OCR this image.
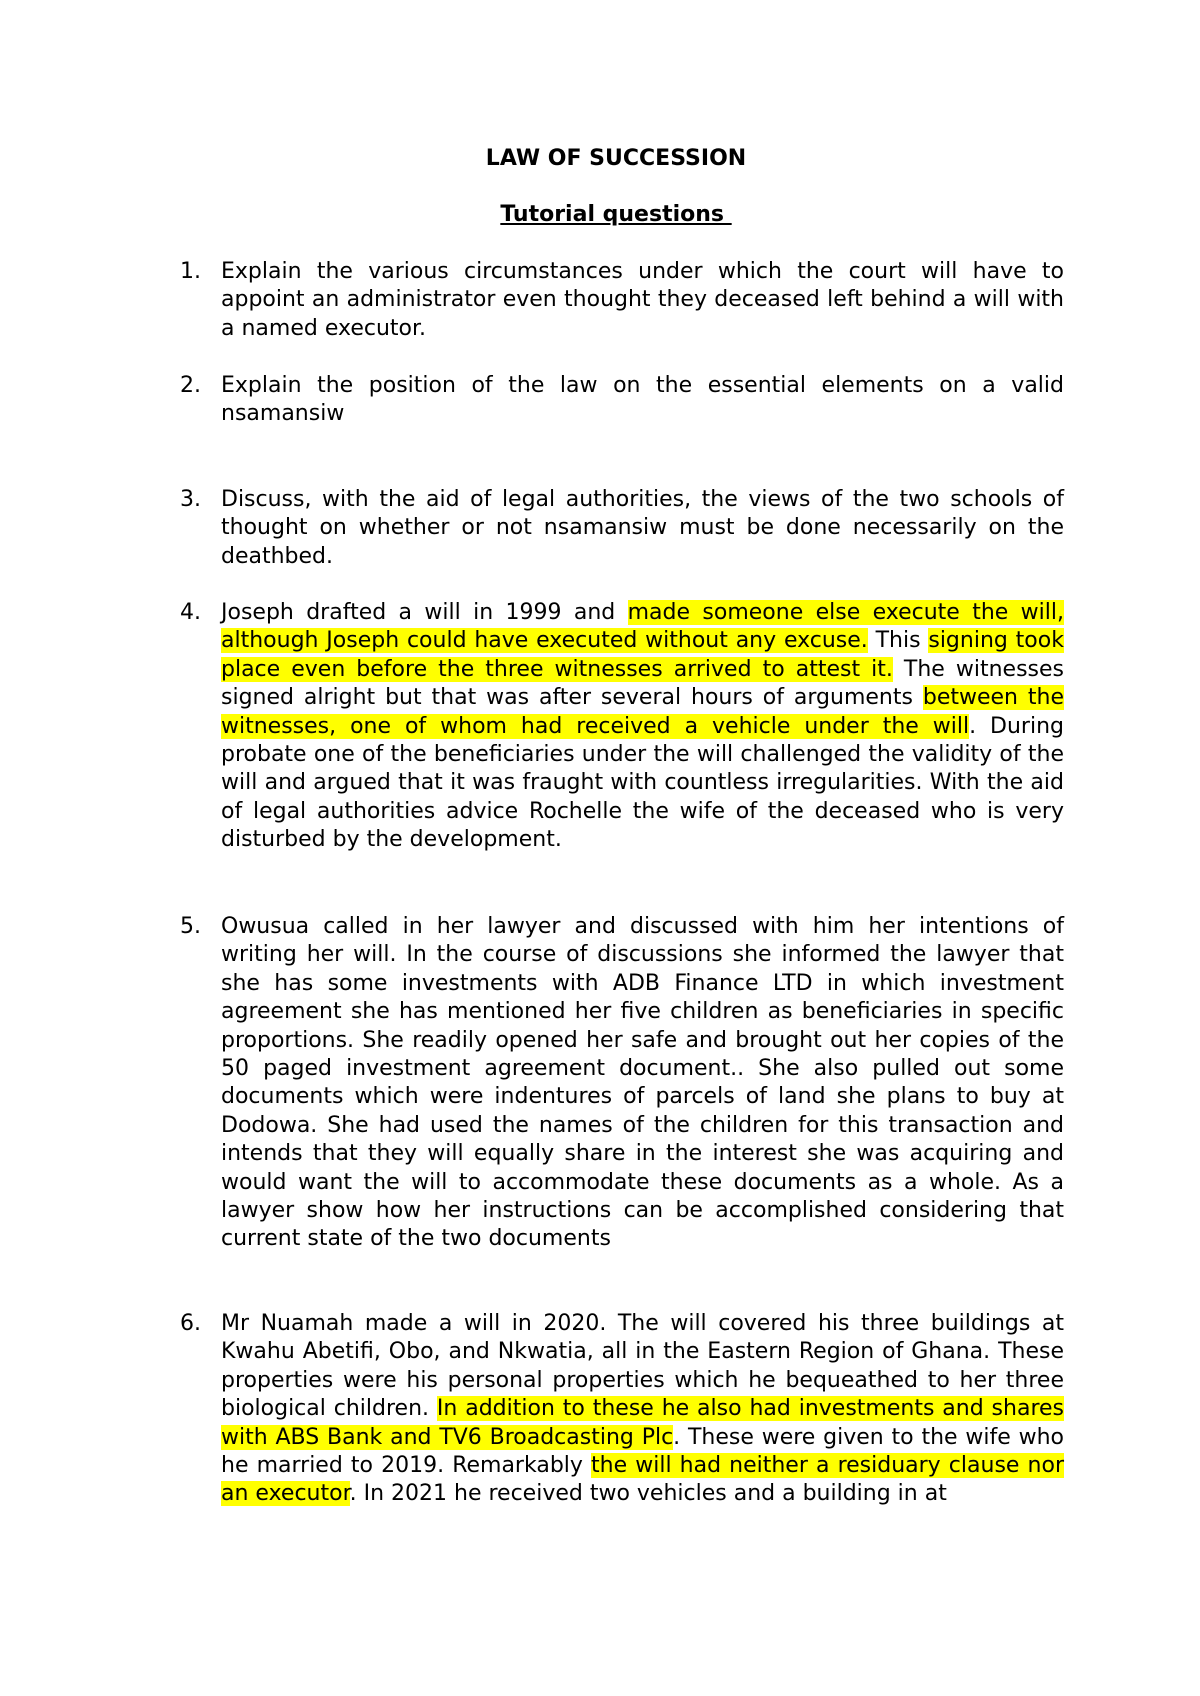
LAW OF SUCCESSION
Tutorial questions
1. Explain the various circumstances under which the court will have to appoint an administrator even thought they deceased left behind a will with a named executor.

2. Explain the position of the law on the essential elements on a valid nsamansiw

3. Discuss, with the aid of legal authorities, the views of the two schools of thought on whether or not nsamansiw must be done necessarily on the deathbed.

4. Joseph drafted a will in 1999 and made someone else execute the will, although Joseph could have executed without any excuse. This signing took place even before the three witnesses arrived to attest it. The witnesses signed alright but that was after several hours of arguments between the witnesses, one of whom had received a vehicle under the will. During probate one of the beneficiaries under the will challenged the validity of the will and argued that it was fraught with countless irregularities. With the aid of legal authorities advice Rochelle the wife of the deceased who is very disturbed by the development.

5. Owusua called in her lawyer and discussed with him her intentions of writing her will. In the course of discussions she informed the lawyer that she has some investments with ADB Finance LTD in which investment agreement she has mentioned her five children as beneficiaries in specific proportions. She readily opened her safe and brought out her copies of the 50 paged investment agreement document.. She also pulled out some documents which were indentures of parcels of land she plans to buy at Dodowa. She had used the names of the children for this transaction and intends that they will equally share in the interest she was acquiring and would want the will to accommodate these documents as a whole. As a lawyer show how her instructions can be accomplished considering that current state of the two documents

6. Mr Nuamah made a will in 2020. The will covered his three buildings at Kwahu Abetifi, Obo, and Nkwatia, all in the Eastern Region of Ghana. These properties were his personal properties which he bequeathed to her three biological children. In addition to these he also had investments and shares with ABS Bank and TV6 Broadcasting Plc. These were given to the wife who he married to 2019. Remarkably the will had neither a residuary clause nor an executor. In 2021 he received two vehicles and a building in at
